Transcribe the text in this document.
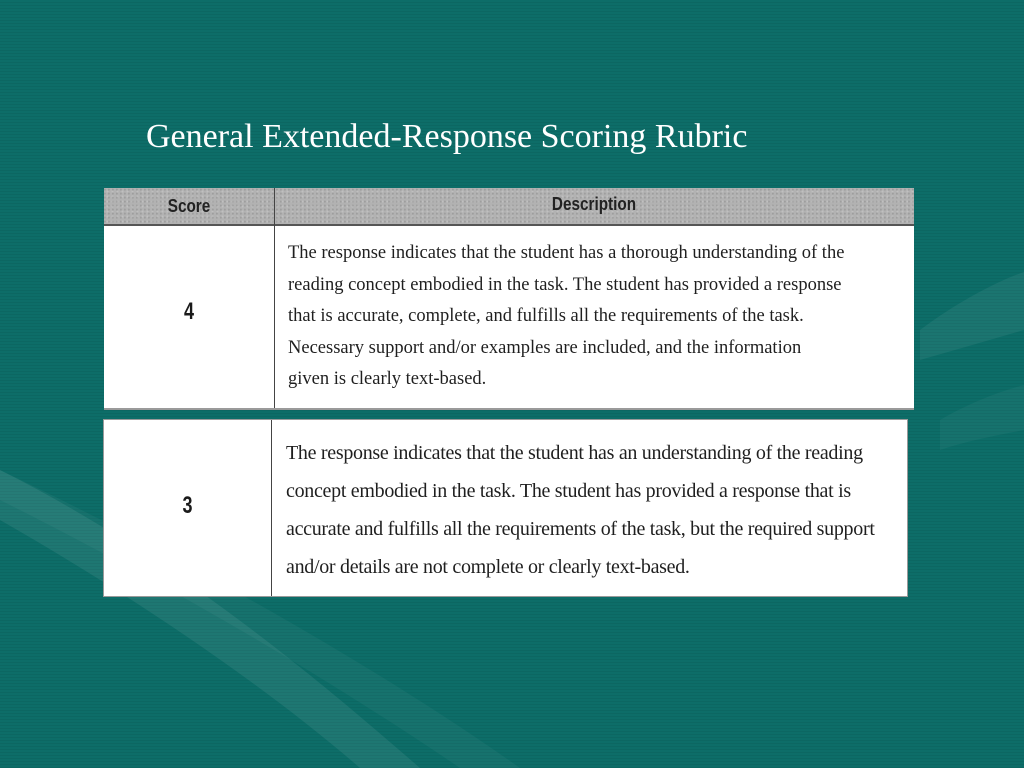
General Extended-Response Scoring Rubric
Score	Description
4
The response indicates that the student has a thorough understanding of the
reading concept embodied in the task. The student has provided a response
that is accurate, complete, and fulfills all the requirements of the task.
Necessary support and/or examples are included, and the information
given is clearly text-based.
3
The response indicates that the student has an understanding of the reading
concept embodied in the task. The student has provided a response that is
accurate and fulfills all the requirements of the task, but the required support
and/or details are not complete or clearly text-based.
